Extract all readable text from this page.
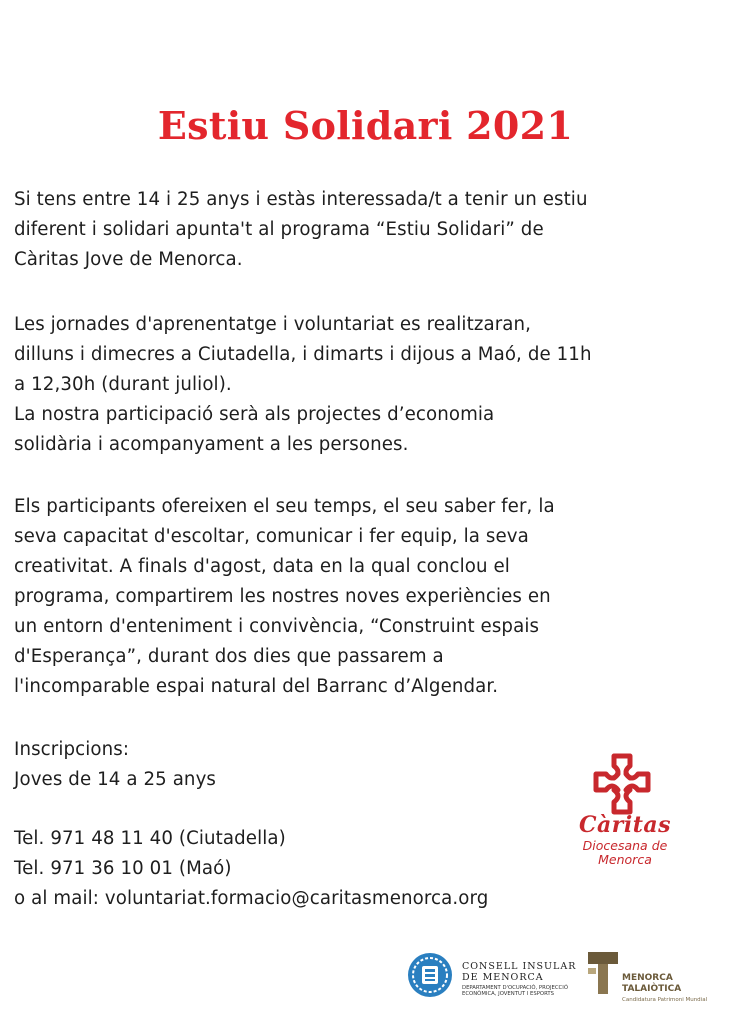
Estiu Solidari 2021

Si tens entre 14 i 25 anys i estàs interessada/t a tenir un estiu
diferent i solidari apunta't al programa “Estiu Solidari” de
Càritas Jove de Menorca.

Les jornades d'aprenentatge i voluntariat es realitzaran,
dilluns i dimecres a Ciutadella, i dimarts i dijous a Maó, de 11h
a 12,30h (durant juliol).
La nostra participació serà als projectes d’economia
solidària i acompanyament a les persones.

Els participants ofereixen el seu temps, el seu saber fer, la
seva capacitat d'escoltar, comunicar i fer equip, la seva
creativitat. A finals d'agost, data en la qual conclou el
programa, compartirem les nostres noves experiències en
un entorn d'enteniment i convivència, “Construint espais
d'Esperança”, durant dos dies que passarem a
l'incomparable espai natural del Barranc d’Algendar.

Inscripcions:
Joves de 14 a 25 anys

Tel. 971 48 11 40 (Ciutadella)
Tel. 971 36 10 01 (Maó)
o al mail: voluntariat.formacio@caritasmenorca.org

Càritas
Diocesana de
Menorca
CONSELL INSULAR
DE MENORCA
DEPARTAMENT D'OCUPACIÓ, PROJECCIÓ ECONÒMICA, JOVENTUT I ESPORTS
MENORCA
TALAIÒTICA
Candidatura Patrimoni Mundial
